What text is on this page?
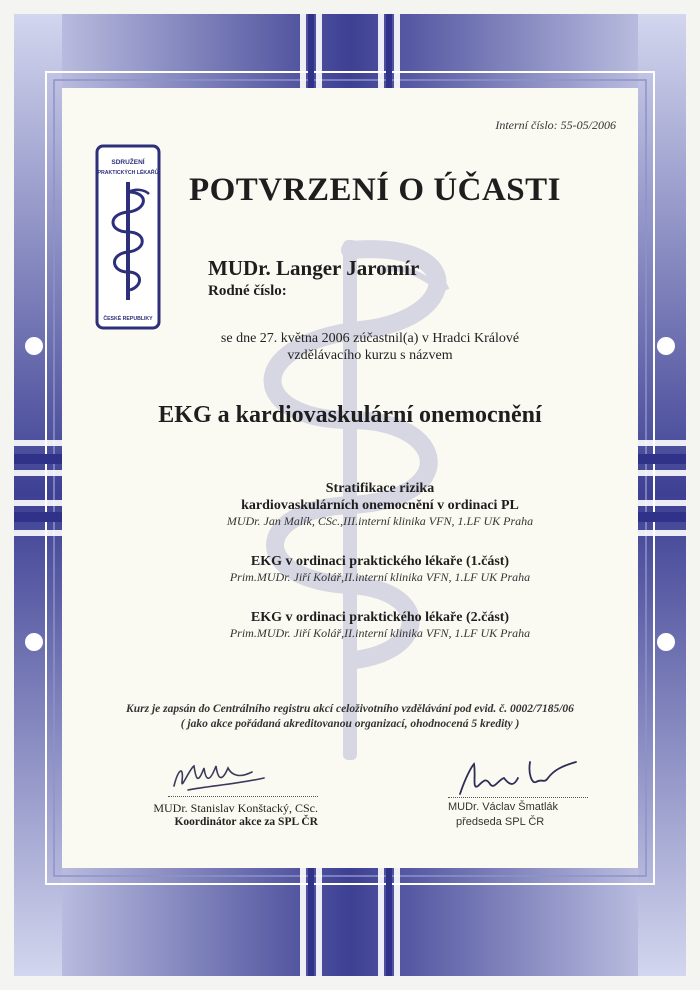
SDRUŽENÍ
PRAKTICKÝCH LÉKAŘŮ
ČESKÉ REPUBLIKY
Interní číslo: 55-05/2006
POTVRZENÍ O ÚČASTI
MUDr. Langer Jaromír
Rodné číslo:
se dne 27. května 2006 zúčastnil(a) v Hradci Králové
vzdělávacího kurzu s názvem
EKG a kardiovaskulární onemocnění
Stratifikace rizika
kardiovaskulárních onemocnění v ordinaci PL
MUDr. Jan Malík, CSc.,III.interní klinika VFN, 1.LF UK Praha
EKG v ordinaci praktického lékaře (1.část)
Prim.MUDr. Jiří Kolář,II.interní klinika VFN, 1.LF UK Praha
EKG v ordinaci praktického lékaře (2.část)
Prim.MUDr. Jiří Kolář,II.interní klinika VFN, 1.LF UK Praha
Kurz je zapsán do Centrálního registru akcí celoživotního vzdělávání pod evid. č. 0002/7185/06
( jako akce pořádaná akreditovanou organizací, ohodnocená 5 kredity )
MUDr. Stanislav Konštacký, CSc.
Koordinátor akce za SPL ČR
MUDr. Václav Šmatlák
předseda SPL ČR
